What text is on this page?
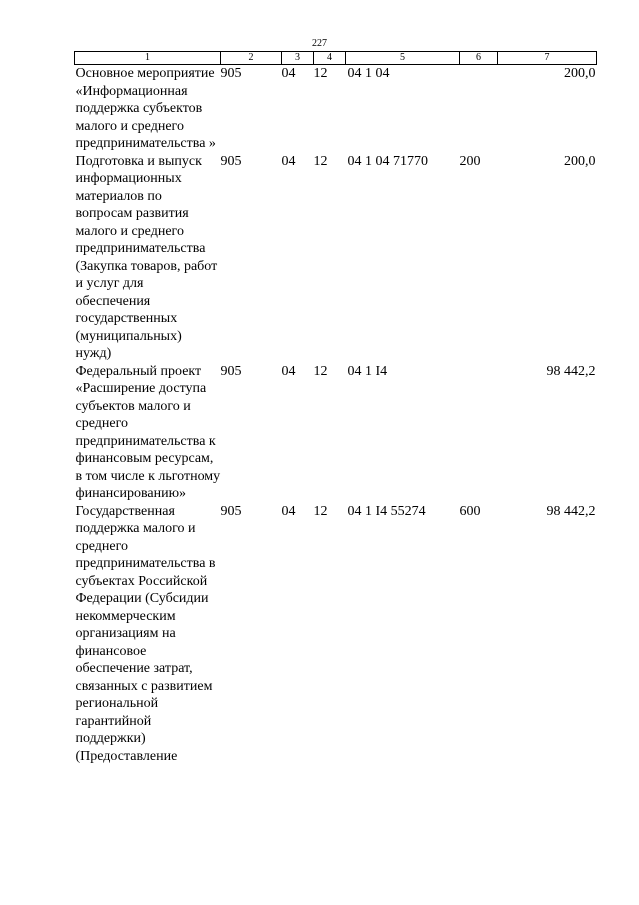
227
1	2	3	4	5	6	7
Основное мероприятие «Информационная поддержка субъектов малого и среднего предпринимательства »	905	04	12	04 1 04		200,0
Подготовка и выпуск информационных материалов по вопросам развития малого и среднего предпринимательства (Закупка товаров, работ и услуг для обеспечения государственных (муниципальных) нужд)	905	04	12	04 1 04 71770	200	200,0
Федеральный проект «Расширение доступа субъектов малого и среднего предпринимательства к финансовым ресурсам, в том числе к льготному финансированию»	905	04	12	04 1 I4		98 442,2
Государственная поддержка малого и среднего предпринимательства в субъектах Российской Федерации (Субсидии некоммерческим организациям на финансовое обеспечение затрат, связанных с развитием региональной гарантийной поддержки) (Предоставление	905	04	12	04 1 I4 55274	600	98 442,2
